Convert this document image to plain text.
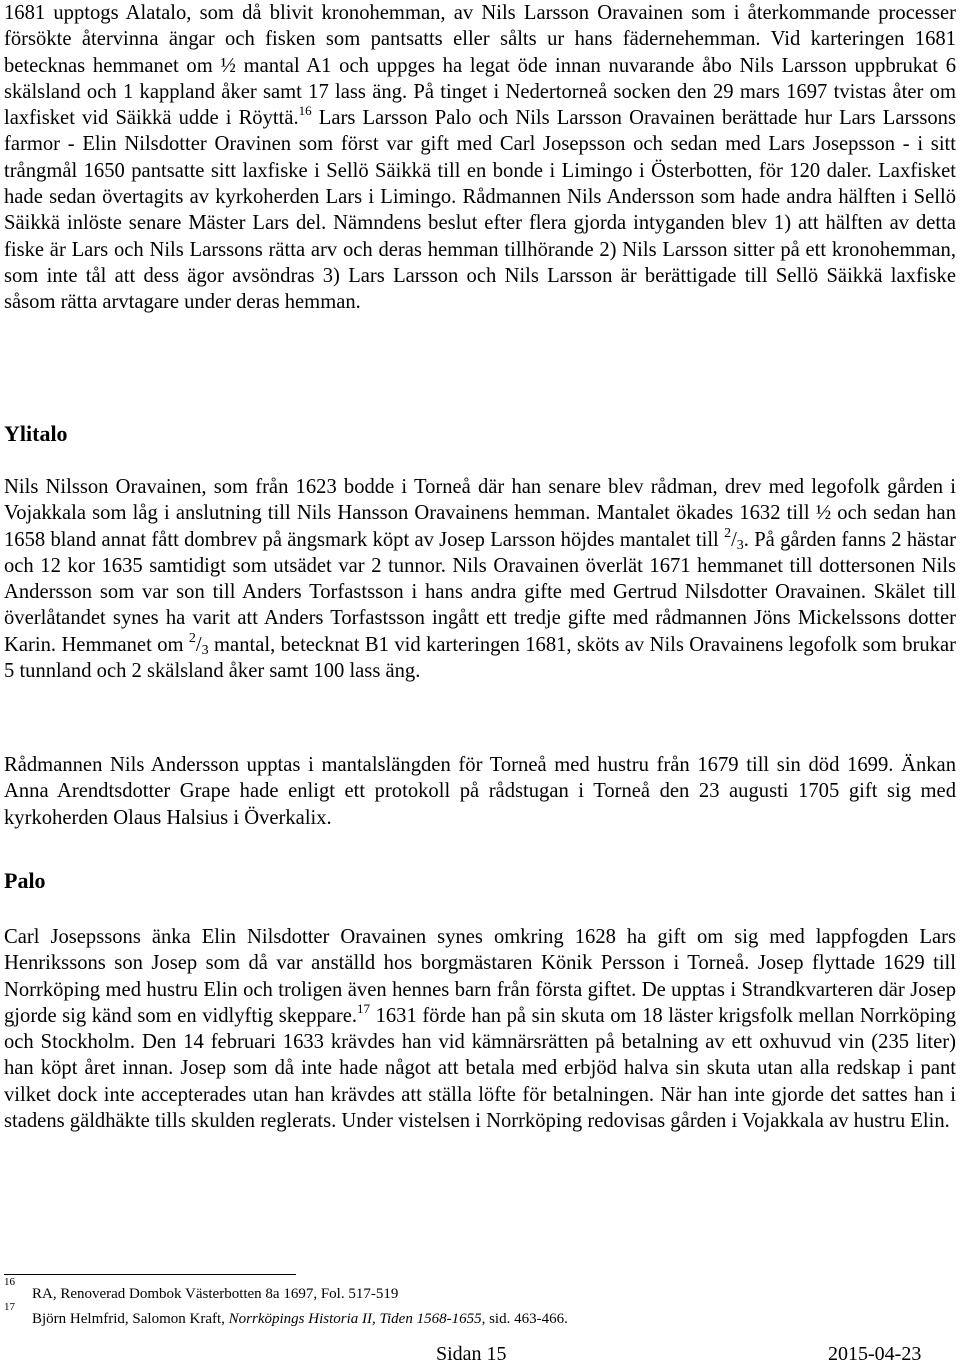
1681 upptogs Alatalo, som då blivit kronohemman, av Nils Larsson Oravainen som i återkommande processer försökte återvinna ängar och fisken som pantsatts eller sålts ur hans fädernehemman. Vid karteringen 1681 betecknas hemmanet om ½ mantal A1 och uppges ha legat öde innan nuvarande åbo Nils Larsson uppbrukat 6 skälsland och 1 kappland åker samt 17 lass äng. På tinget i Nedertorneå socken den 29 mars 1697 tvistas åter om laxfisket vid Säikkä udde i Röyttä.$^{16}$ Lars Larsson Palo och Nils Larsson Oravainen berättade hur Lars Larssons farmor - Elin Nilsdotter Oravinen som först var gift med Carl Josepsson och sedan med Lars Josepsson - i sitt trångmål 1650 pantsatte sitt laxfiske i Sellö Säikkä till en bonde i Limingo i Österbotten, för 120 daler. Laxfisket hade sedan övertagits av kyrkoherden Lars i Limingo. Rådmannen Nils Andersson som hade andra hälften i Sellö Säikkä inlöste senare Mäster Lars del. Nämndens beslut efter flera gjorda intyganden blev 1) att hälften av detta fiske är Lars och Nils Larssons rätta arv och deras hemman tillhörande 2) Nils Larsson sitter på ett kronohemman, som inte tål att dess ägor avsöndras 3) Lars Larsson och Nils Larsson är berättigade till Sellö Säikkä laxfiske såsom rätta arvtagare under deras hemman.

Ylitalo

Nils Nilsson Oravainen, som från 1623 bodde i Torneå där han senare blev rådman, drev med legofolk gården i Vojakkala som låg i anslutning till Nils Hansson Oravainens hemman. Mantalet ökades 1632 till ½ och sedan han 1658 bland annat fått dombrev på ängsmark köpt av Josep Larsson höjdes mantalet till $^2/_3$. På gården fanns 2 hästar och 12 kor 1635 samtidigt som utsädet var 2 tunnor. Nils Oravainen överlät 1671 hemmanet till dottersonen Nils Andersson som var son till Anders Torfastsson i hans andra gifte med Gertrud Nilsdotter Oravainen. Skälet till överlåtandet synes ha varit att Anders Torfastsson ingått ett tredje gifte med rådmannen Jöns Mickelssons dotter Karin. Hemmanet om $^2/_3$ mantal, betecknat B1 vid karteringen 1681, sköts av Nils Oravainens legofolk som brukar 5 tunnland och 2 skälsland åker samt 100 lass äng.

Rådmannen Nils Andersson upptas i mantalslängden för Torneå med hustru från 1679 till sin död 1699. Änkan Anna Arendtsdotter Grape hade enligt ett protokoll på rådstugan i Torneå den 23 augusti 1705 gift sig med kyrkoherden Olaus Halsius i Överkalix.

Palo

Carl Josepssons änka Elin Nilsdotter Oravainen synes omkring 1628 ha gift om sig med lappfogden Lars Henrikssons son Josep som då var anställd hos borgmästaren Könik Persson i Torneå. Josep flyttade 1629 till Norrköping med hustru Elin och troligen även hennes barn från första giftet. De upptas i Strandkvarteren där Josep gjorde sig känd som en vidlyftig skeppare.$^{17}$ 1631 förde han på sin skuta om 18 läster krigsfolk mellan Norrköping och Stockholm. Den 14 februari 1633 krävdes han vid kämnärsrätten på betalning av ett oxhuvud vin (235 liter) han köpt året innan. Josep som då inte hade något att betala med erbjöd halva sin skuta utan alla redskap i pant vilket dock inte accepterades utan han krävdes att ställa löfte för betalningen. När han inte gjorde det sattes han i stadens gäldhäkte tills skulden reglerats. Under vistelsen i Norrköping redovisas gården i Vojakkala av hustru Elin.

16
RA, Renoverad Dombok Västerbotten 8a 1697, Fol. 517-519
17
Björn Helmfrid, Salomon Kraft, Norrköpings Historia II, Tiden 1568-1655, sid. 463-466.
Sidan 15	2015-04-23
